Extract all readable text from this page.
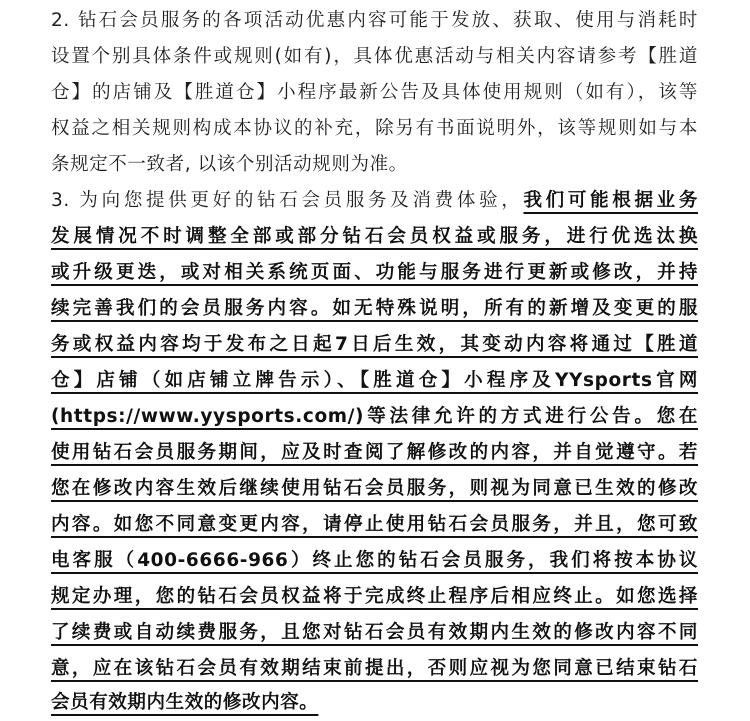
2. 钻石会员服务的各项活动优惠内容可能于发放、获取、使用与消耗时
设置个别具体条件或规则(如有)，具体优惠活动与相关内容请参考【胜道
仓】的店铺及【胜道仓】小程序最新公告及具体使用规则（如有），该等
权益之相关规则构成本协议的补充，除另有书面说明外，该等规则如与本
条规定不一致者, 以该个别活动规则为准。
3. 为向您提供更好的钻石会员服务及消费体验，我们可能根据业务
发展情况不时调整全部或部分钻石会员权益或服务，进行优选汰换
或升级更迭，或对相关系统页面、功能与服务进行更新或修改，并持
续完善我们的会员服务内容。如无特殊说明，所有的新增及变更的服
务或权益内容均于发布之日起7日后生效，其变动内容将通过【胜道
仓】店铺（如店铺立牌告示）、【胜道仓】小程序及YYsports官网
(https://www.yysports.com/)等法律允许的方式进行公告。您在
使用钻石会员服务期间，应及时查阅了解修改的内容，并自觉遵守。若
您在修改内容生效后继续使用钻石会员服务，则视为同意已生效的修改
内容。如您不同意变更内容，请停止使用钻石会员服务，并且，您可致
电客服（400-6666-966）终止您的钻石会员服务，我们将按本协议
规定办理，您的钻石会员权益将于完成终止程序后相应终止。如您选择
了续费或自动续费服务，且您对钻石会员有效期内生效的修改内容不同
意，应在该钻石会员有效期结束前提出，否则应视为您同意已结束钻石
会员有效期内生效的修改内容。
